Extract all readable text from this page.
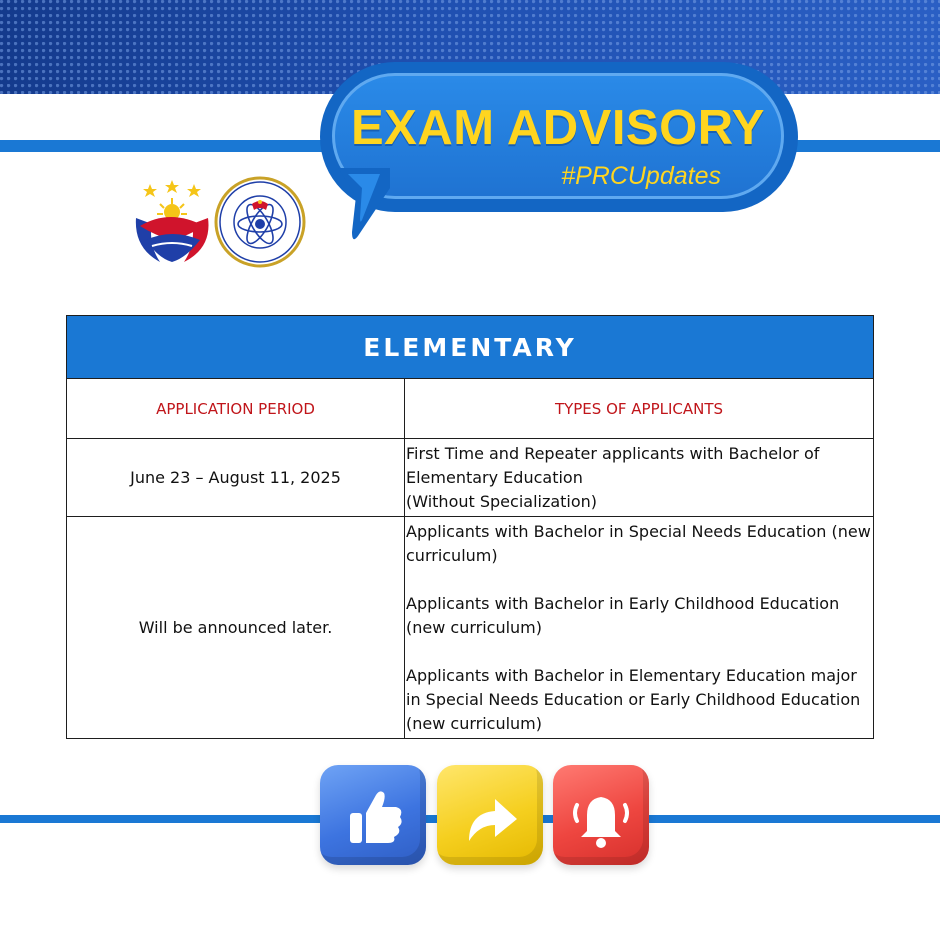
EXAM ADVISORY
#PRCUpdates
ELEMENTARY	
APPLICATION PERIOD	TYPES OF APPLICANTS
June 23 – August 11, 2025	First Time and Repeater applicants with Bachelor of Elementary Education

(Without Specialization)

Will be announced later.	Applicants with Bachelor in Special Needs Education (new curriculum)

Applicants with Bachelor in Early Childhood Education (new curriculum)

Applicants with Bachelor in Elementary Education major in Special Needs Education or Early Childhood Education (new curriculum)
